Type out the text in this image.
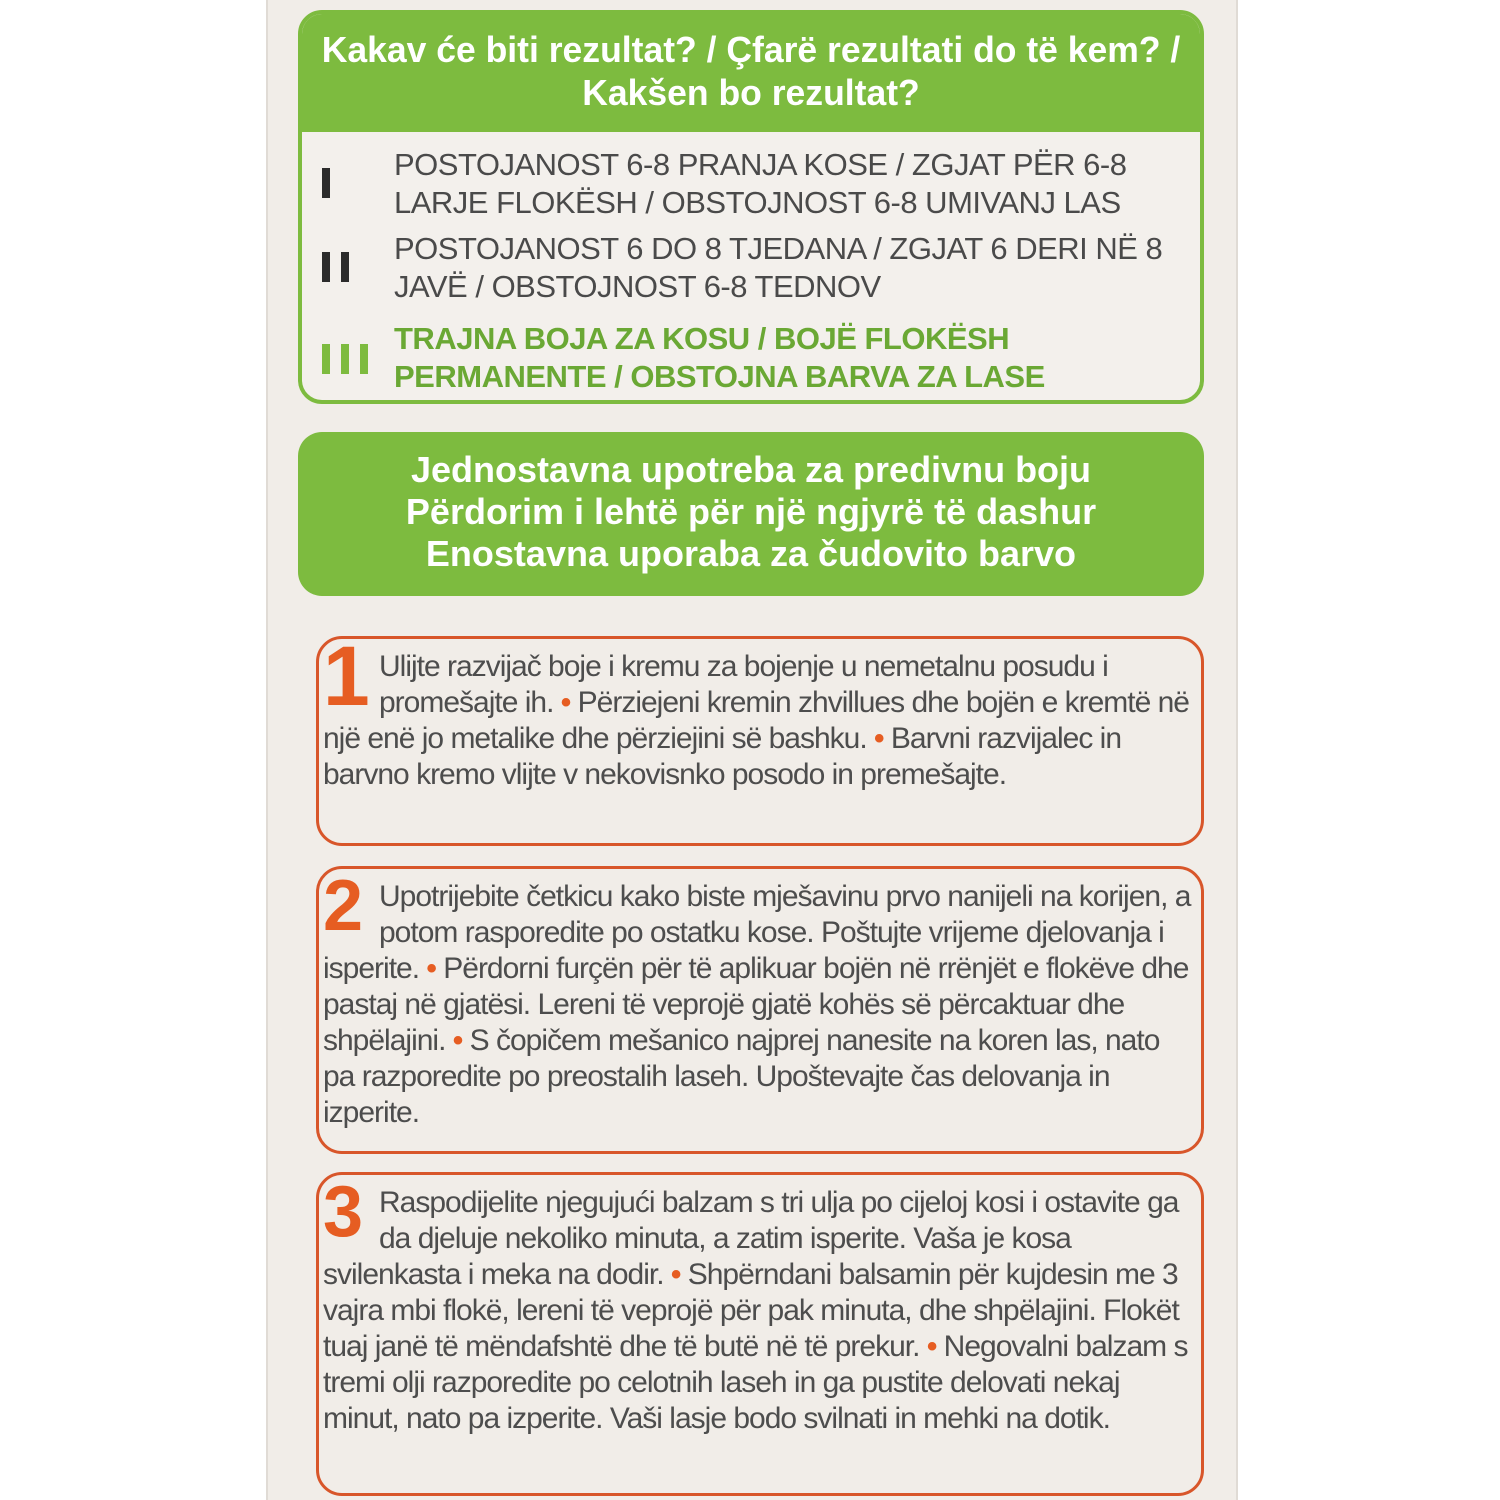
Kakav će biti rezultat? / Çfarë rezultati do të kem? /
Kakšen bo rezultat?
POSTOJANOST 6-8 PRANJA KOSE / ZGJAT PËR 6-8 LARJE FLOKËSH / OBSTOJNOST 6-8 UMIVANJ LAS
POSTOJANOST 6 DO 8 TJEDANA / ZGJAT 6 DERI NË 8 JAVË / OBSTOJNOST 6-8 TEDNOV
TRAJNA BOJA ZA KOSU / BOJË FLOKËSH PERMANENTE / OBSTOJNA BARVA ZA LASE
Jednostavna upotreba za predivnu boju
Përdorim i lehtë për një ngjyrë të dashur
Enostavna uporaba za čudovito barvo
1 Ulijte razvijač boje i kremu za bojenje u nemetalnu posudu i promešajte ih. • Përziejeni kremin zhvillues dhe bojën e kremtë në një enë jo metalike dhe përziejini së bashku. • Barvni razvijalec in barvno kremo vlijte v nekovisnko posodo in premešajte.
2 Upotrijebite četkicu kako biste mješavinu prvo nanijeli na korijen, a potom rasporedite po ostatku kose. Poštujte vrijeme djelovanja i isperite. • Përdorni furçën për të aplikuar bojën në rrënjët e flokëve dhe pastaj në gjatësi. Lereni të veprojë gjatë kohës së përcaktuar dhe shpëlajini. • S čopičem mešanico najprej nanesite na koren las, nato pa razporedite po preostalih laseh. Upoštevajte čas delovanja in izperite.
3 Raspodijelite njegujući balzam s tri ulja po cijeloj kosi i ostavite ga da djeluje nekoliko minuta, a zatim isperite. Vaša je kosa svilenkasta i meka na dodir. • Shpërndani balsamin për kujdesin me 3 vajra mbi flokë, lereni të veprojë për pak minuta, dhe shpëlajini. Flokët tuaj janë të mëndafshtë dhe të butë në të prekur. • Negovalni balzam s tremi olji razporedite po celotnih laseh in ga pustite delovati nekaj minut, nato pa izperite. Vaši lasje bodo svilnati in mehki na dotik.
